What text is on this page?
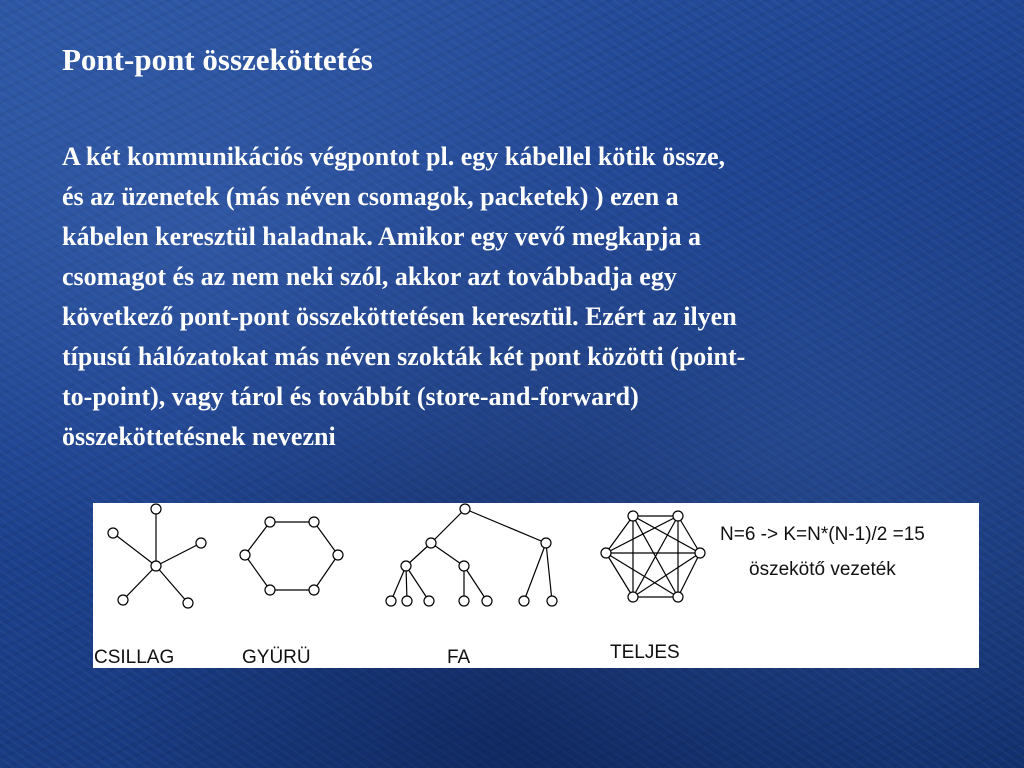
Pont-pont összeköttetés
A két kommunikációs végpontot pl. egy kábellel kötik össze,
és az üzenetek (más néven csomagok, packetek) ) ezen a
kábelen keresztül haladnak. Amikor egy vevő megkapja a
csomagot és az nem neki szól, akkor azt továbbadja egy
következő pont-pont összeköttetésen keresztül. Ezért az ilyen
típusú hálózatokat más néven szokták két pont közötti (point-
to-point), vagy tárol és továbbít (store-and-forward)
összeköttetésnek nevezni
CSILLAG	GYÜRÜ	FA	TELJES
N=6 -> K=N*(N-1)/2 =15
öszekötő vezeték
